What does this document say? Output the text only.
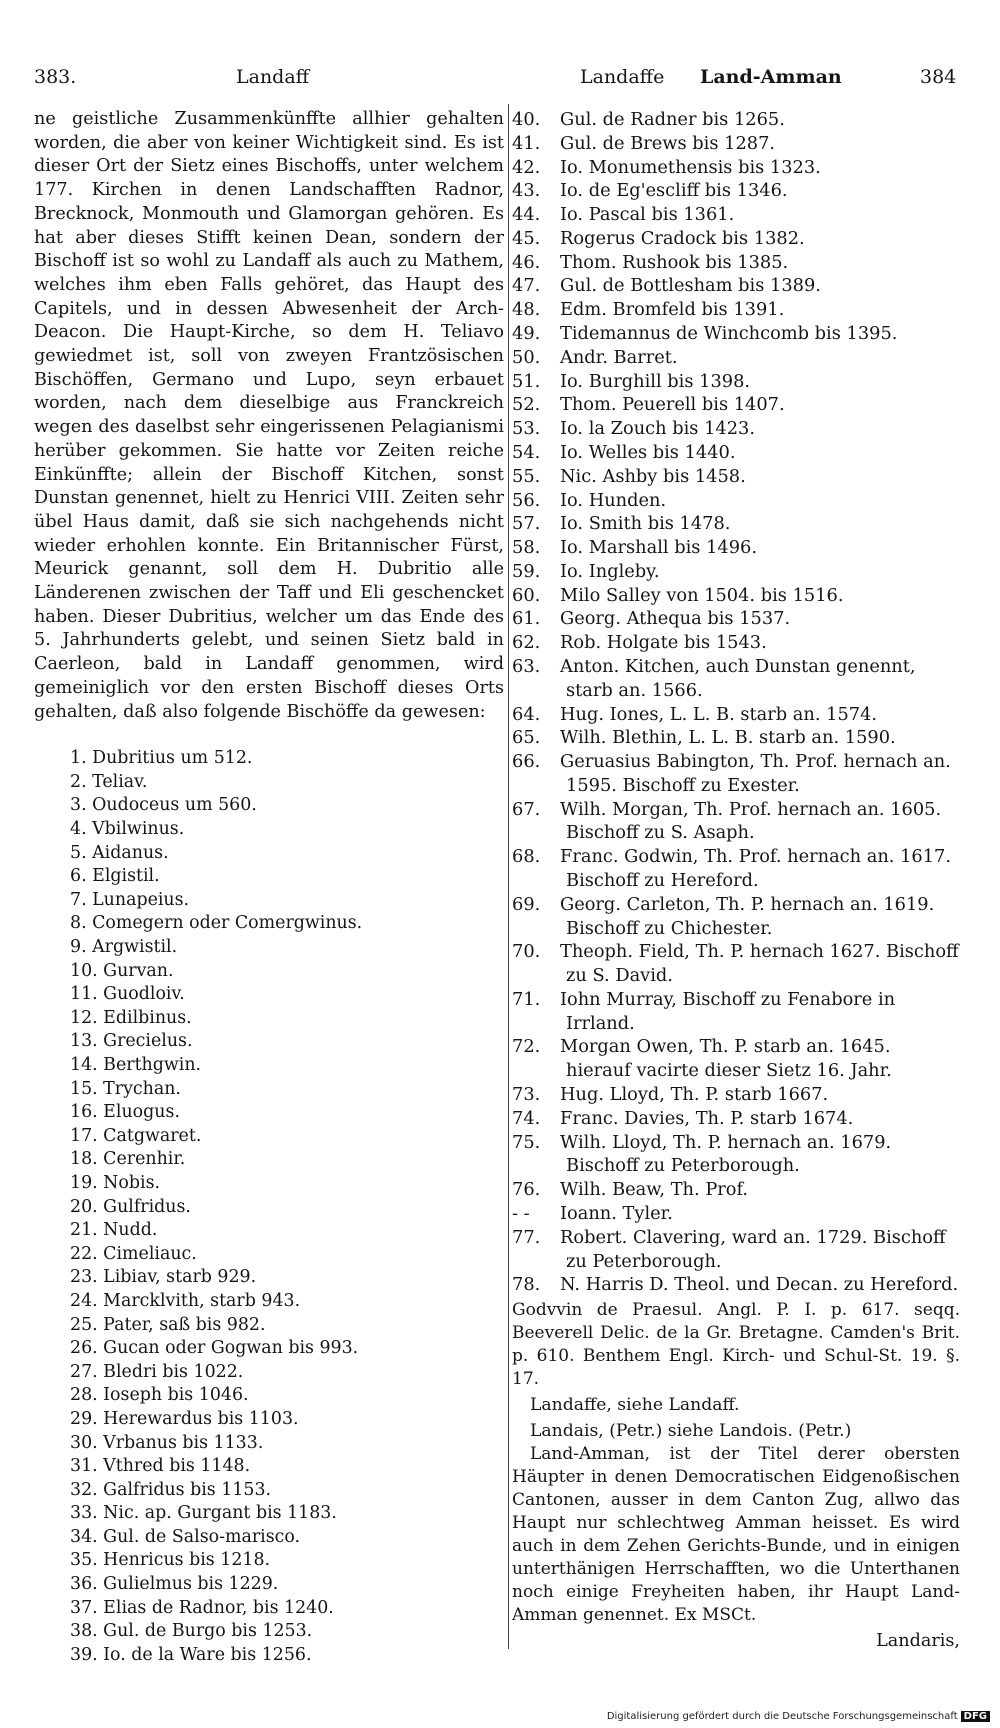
383.	Landaff	Landaffe Land-Amman	384

ne geistliche Zusammenkünffte allhier gehalten worden, die aber von keiner Wichtigkeit sind. Es ist dieser Ort der Sietz eines Bischoffs, unter welchem 177. Kirchen in denen Landschafften Radnor, Brecknock, Monmouth und Glamorgan gehören. Es hat aber dieses Stifft keinen Dean, sondern der Bischoff ist so wohl zu Landaff als auch zu Mathem, welches ihm eben Falls gehöret, das Haupt des Capitels, und in dessen Abwesenheit der Arch-Deacon. Die Haupt-Kirche, so dem H. Teliavo gewiedmet ist, soll von zweyen Frantzösischen Bischöffen, Germano und Lupo, seyn erbauet worden, nach dem dieselbige aus Franckreich wegen des daselbst sehr eingerissenen Pelagianismi herüber gekommen. Sie hatte vor Zeiten reiche Einkünffte; allein der Bischoff Kitchen, sonst Dunstan genennet, hielt zu Henrici VIII. Zeiten sehr übel Haus damit, daß sie sich nachgehends nicht wieder erhohlen konnte. Ein Britannischer Fürst, Meurick genannt, soll dem H. Dubritio alle Länderenen zwischen der Taff und Eli geschencket haben. Dieser Dubritius, welcher um das Ende des 5. Jahrhunderts gelebt, und seinen Sietz bald in Caerleon, bald in Landaff genommen, wird gemeiniglich vor den ersten Bischoff dieses Orts gehalten, daß also folgende Bischöffe da gewesen:

1. Dubritius um 512.
2. Teliav.
3. Oudoceus um 560.
4. Vbilwinus.
5. Aidanus.
6. Elgistil.
7. Lunapeius.
8. Comegern oder Comergwinus.
9. Argwistil.
10. Gurvan.
11. Guodloiv.
12. Edilbinus.
13. Grecielus.
14. Berthgwin.
15. Trychan.
16. Eluogus.
17. Catgwaret.
18. Cerenhir.
19. Nobis.
20. Gulfridus.
21. Nudd.
22. Cimeliauc.
23. Libiav, starb 929.
24. Marcklvith, starb 943.
25. Pater, saß bis 982.
26. Gucan oder Gogwan bis 993.
27. Bledri bis 1022.
28. Ioseph bis 1046.
29. Herewardus bis 1103.
30. Vrbanus bis 1133.
31. Vthred bis 1148.
32. Galfridus bis 1153.
33. Nic. ap. Gurgant bis 1183.
34. Gul. de Salso-marisco.
35. Henricus bis 1218.
36. Gulielmus bis 1229.
37. Elias de Radnor, bis 1240.
38. Gul. de Burgo bis 1253.
39. Io. de la Ware bis 1256.
40. Gul. de Radner bis 1265.
41. Gul. de Brews bis 1287.
42. Io. Monumethensis bis 1323.
43. Io. de Eg'escliff bis 1346.
44. Io. Pascal bis 1361.
45. Rogerus Cradock bis 1382.
46. Thom. Rushook bis 1385.
47. Gul. de Bottlesham bis 1389.
48. Edm. Bromfeld bis 1391.
49. Tidemannus de Winchcomb bis 1395.
50. Andr. Barret.
51. Io. Burghill bis 1398.
52. Thom. Peuerell bis 1407.
53. Io. la Zouch bis 1423.
54. Io. Welles bis 1440.
55. Nic. Ashby bis 1458.
56. Io. Hunden.
57. Io. Smith bis 1478.
58. Io. Marshall bis 1496.
59. Io. Ingleby.
60. Milo Salley von 1504. bis 1516.
61. Georg. Athequa bis 1537.
62. Rob. Holgate bis 1543.
63. Anton. Kitchen, auch Dunstan genennt, starb an. 1566.
64. Hug. Iones, L. L. B. starb an. 1574.
65. Wilh. Blethin, L. L. B. starb an. 1590.
66. Geruasius Babington, Th. Prof. hernach an. 1595. Bischoff zu Exester.
67. Wilh. Morgan, Th. Prof. hernach an. 1605. Bischoff zu S. Asaph.
68. Franc. Godwin, Th. Prof. hernach an. 1617. Bischoff zu Hereford.
69. Georg. Carleton, Th. P. hernach an. 1619. Bischoff zu Chichester.
70. Theoph. Field, Th. P. hernach 1627. Bischoff zu S. David.
71. Iohn Murray, Bischoff zu Fenabore in Irrland.
72. Morgan Owen, Th. P. starb an. 1645. hierauf vacirte dieser Sietz 16. Jahr.
73. Hug. Lloyd, Th. P. starb 1667.
74. Franc. Davies, Th. P. starb 1674.
75. Wilh. Lloyd, Th. P. hernach an. 1679. Bischoff zu Peterborough.
76. Wilh. Beaw, Th. Prof.
- - Ioann. Tyler.
77. Robert. Clavering, ward an. 1729. Bischoff zu Peterborough.
78. N. Harris D. Theol. und Decan. zu Hereford.

Godvvin de Praesul. Angl. P. I. p. 617. seqq. Beeverell Delic. de la Gr. Bretagne. Camden's Brit. p. 610. Benthem Engl. Kirch- und Schul-St. 19. §. 17.

Landaffe, siehe Landaff.

Landais, (Petr.) siehe Landois. (Petr.)

Land-Amman, ist der Titel derer obersten Häupter in denen Democratischen Eidgenoßischen Cantonen, ausser in dem Canton Zug, allwo das Haupt nur schlechtweg Amman heisset. Es wird auch in dem Zehen Gerichts-Bunde, und in einigen unterthänigen Herrschafften, wo die Unterthanen noch einige Freyheiten haben, ihr Haupt Land-Amman genennet. Ex MSCt.

Landaris,
Digitalisierung gefördert durch die Deutsche Forschungsgemeinschaft DFG
